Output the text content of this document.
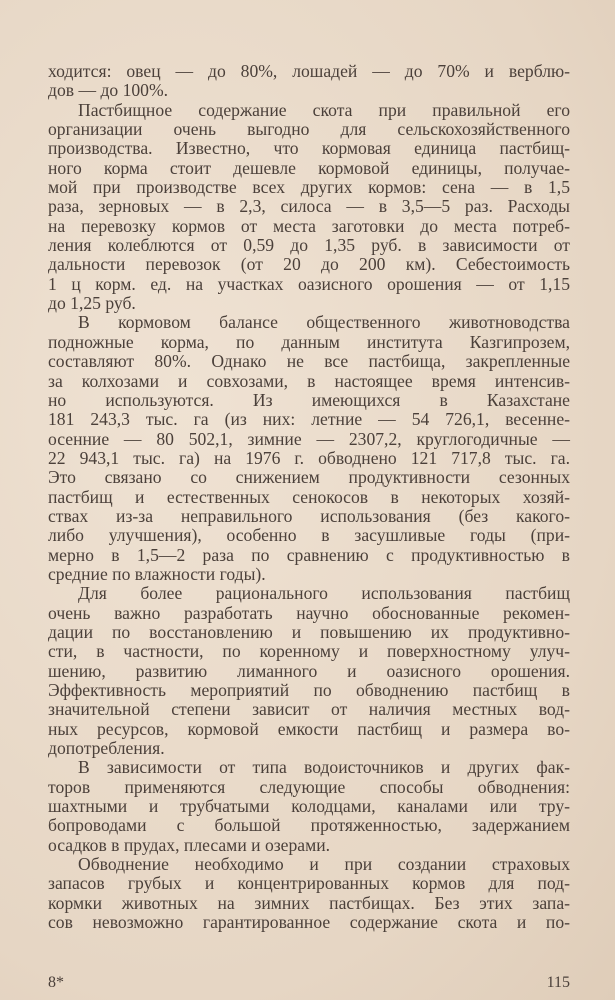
ходится: овец — до 80%, лошадей — до 70% и верблю-
дов — до 100%.
Пастбищное содержание скота при правильной его
организации очень выгодно для сельскохозяйственного
производства. Известно, что кормовая единица пастбищ-
ного корма стоит дешевле кормовой единицы, получае-
мой при производстве всех других кормов: сена — в 1,5
раза, зерновых — в 2,3, силоса — в 3,5—5 раз. Расходы
на перевозку кормов от места заготовки до места потреб-
ления колеблются от 0,59 до 1,35 руб. в зависимости от
дальности перевозок (от 20 до 200 км). Себестоимость
1 ц корм. ед. на участках оазисного орошения — от 1,15
до 1,25 руб.
В кормовом балансе общественного животноводства
подножные корма, по данным института Казгипрозем,
составляют 80%. Однако не все пастбища, закрепленные
за колхозами и совхозами, в настоящее время интенсив-
но используются. Из имеющихся в Казахстане
181 243,3 тыс. га (из них: летние — 54 726,1, весенне-
осенние — 80 502,1, зимние — 2307,2, круглогодичные —
22 943,1 тыс. га) на 1976 г. обводнено 121 717,8 тыс. га.
Это связано со снижением продуктивности сезонных
пастбищ и естественных сенокосов в некоторых хозяй-
ствах из-за неправильного использования (без какого-
либо улучшения), особенно в засушливые годы (при-
мерно в 1,5—2 раза по сравнению с продуктивностью в
средние по влажности годы).
Для более рационального использования пастбищ
очень важно разработать научно обоснованные рекомен-
дации по восстановлению и повышению их продуктивно-
сти, в частности, по коренному и поверхностному улуч-
шению, развитию лиманного и оазисного орошения.
Эффективность мероприятий по обводнению пастбищ в
значительной степени зависит от наличия местных вод-
ных ресурсов, кормовой емкости пастбищ и размера во-
допотребления.
В зависимости от типа водоисточников и других фак-
торов применяются следующие способы обводнения:
шахтными и трубчатыми колодцами, каналами или тру-
бопроводами с большой протяженностью, задержанием
осадков в прудах, плесами и озерами.
Обводнение необходимо и при создании страховых
запасов грубых и концентрированных кормов для под-
кормки животных на зимних пастбищах. Без этих запа-
сов невозможно гарантированное содержание скота и по-
8*	115
